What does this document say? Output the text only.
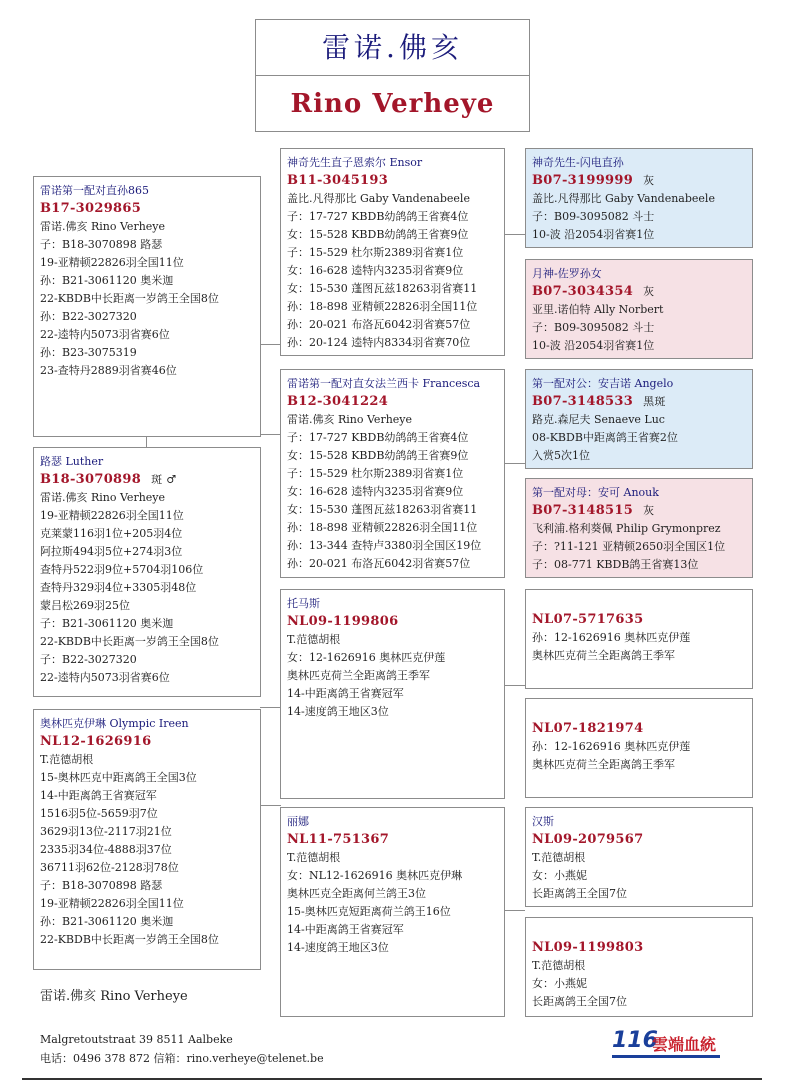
雷诺.佛亥
Rino Verheye
雷诺第一配对直孙865
B17-3029865
雷诺.佛亥 Rino Verheye
子：B18-3070898 路瑟
19-亚精顿22826羽全国11位
孙：B21-3061120 奥米迦
22-KBDB中长距离一岁鸽王全国8位
孙：B22-3027320
22-逵特内5073羽省赛6位
孙：B23-3075319
23-查特丹2889羽省赛46位
路瑟 Luther
B18-3070898 斑 ♂
雷诺.佛亥 Rino Verheye
19-亚精顿22826羽全国11位
克莱蒙116羽1位+205羽4位
阿拉斯494羽5位+274羽3位
查特丹522羽9位+5704羽106位
查特丹329羽4位+3305羽48位
蒙吕松269羽25位
子：B21-3061120 奥米迦
22-KBDB中长距离一岁鸽王全国8位
子：B22-3027320
22-逵特内5073羽省赛6位
奥林匹克伊琳 Olympic Ireen
NL12-1626916
T.范德胡根
15-奥林匹克中距离鸽王全国3位
14-中距离鸽王省赛冠军
1516羽5位-5659羽7位
3629羽13位-2117羽21位
2335羽34位-4888羽37位
36711羽62位-2128羽78位
子：B18-3070898 路瑟
19-亚精顿22826羽全国11位
孙：B21-3061120 奥米迦
22-KBDB中长距离一岁鸽王全国8位
神奇先生直子恩索尔 Ensor
B11-3045193
盖比.凡得那比 Gaby Vandenabeele
子：17-727 KBDB幼鸽鸽王省赛4位
女：15-528 KBDB幼鸽鸽王省赛9位
子：15-529 杜尔斯2389羽省赛1位
女：16-628 逵特内3235羽省赛9位
女：15-530 蓬图瓦兹18263羽省赛11
孙：18-898 亚精顿22826羽全国11位
孙：20-021 布洛瓦6042羽省赛57位
孙：20-124 逵特内8334羽省赛70位
雷诺第一配对直女法兰西卡 Francesca
B12-3041224
雷诺.佛亥 Rino Verheye
子：17-727 KBDB幼鸽鸽王省赛4位
女：15-528 KBDB幼鸽鸽王省赛9位
子：15-529 杜尔斯2389羽省赛1位
女：16-628 逵特内3235羽省赛9位
女：15-530 蓬图瓦兹18263羽省赛11
孙：18-898 亚精顿22826羽全国11位
孙：13-344 查特卢3380羽全国区19位
孙：20-021 布洛瓦6042羽省赛57位
托马斯
NL09-1199806
T.范德胡根
女：12-1626916 奥林匹克伊莲
奥林匹克荷兰全距离鸽王季军
14-中距离鸽王省赛冠军
14-速度鸽王地区3位
丽娜
NL11-751367
T.范德胡根
女：NL12-1626916 奥林匹克伊琳
奥林匹克全距离何兰鸽王3位
15-奥林匹克短距离荷兰鸽王16位
14-中距离鸽王省赛冠军
14-速度鸽王地区3位
神奇先生-闪电直孙
B07-3199999 灰
盖比.凡得那比 Gaby Vandenabeele
子：B09-3095082 斗士
10-波 沿2054羽省赛1位
月神-佐罗孙女
B07-3034354 灰
亚里.诺伯特 Ally Norbert
子：B09-3095082 斗士
10-波 沿2054羽省赛1位
第一配对公：安吉诺 Angelo
B07-3148533 黑斑
路克.森尼夫 Senaeve Luc
08-KBDB中距离鸽王省赛2位
入赏5次1位
第一配对母：安可 Anouk
B07-3148515 灰
飞利浦.格利葵佩 Philip Grymonprez
子：?11-121 亚精顿2650羽全国区1位
子：08-771 KBDB鸽王省赛13位
NL07-5717635
孙：12-1626916 奥林匹克伊莲
奥林匹克荷兰全距离鸽王季军
NL07-1821974
孙：12-1626916 奥林匹克伊莲
奥林匹克荷兰全距离鸽王季军
汉斯
NL09-2079567
T.范德胡根
女：小燕妮
长距离鸽王全国7位
NL09-1199803
T.范德胡根
女：小燕妮
长距离鸽王全国7位
雷诺.佛亥 Rino Verheye
Malgretoutstraat 39 8511 Aalbeke
电话：0496 378 872 信箱：rino.verheye@telenet.be
116
雲端血統
